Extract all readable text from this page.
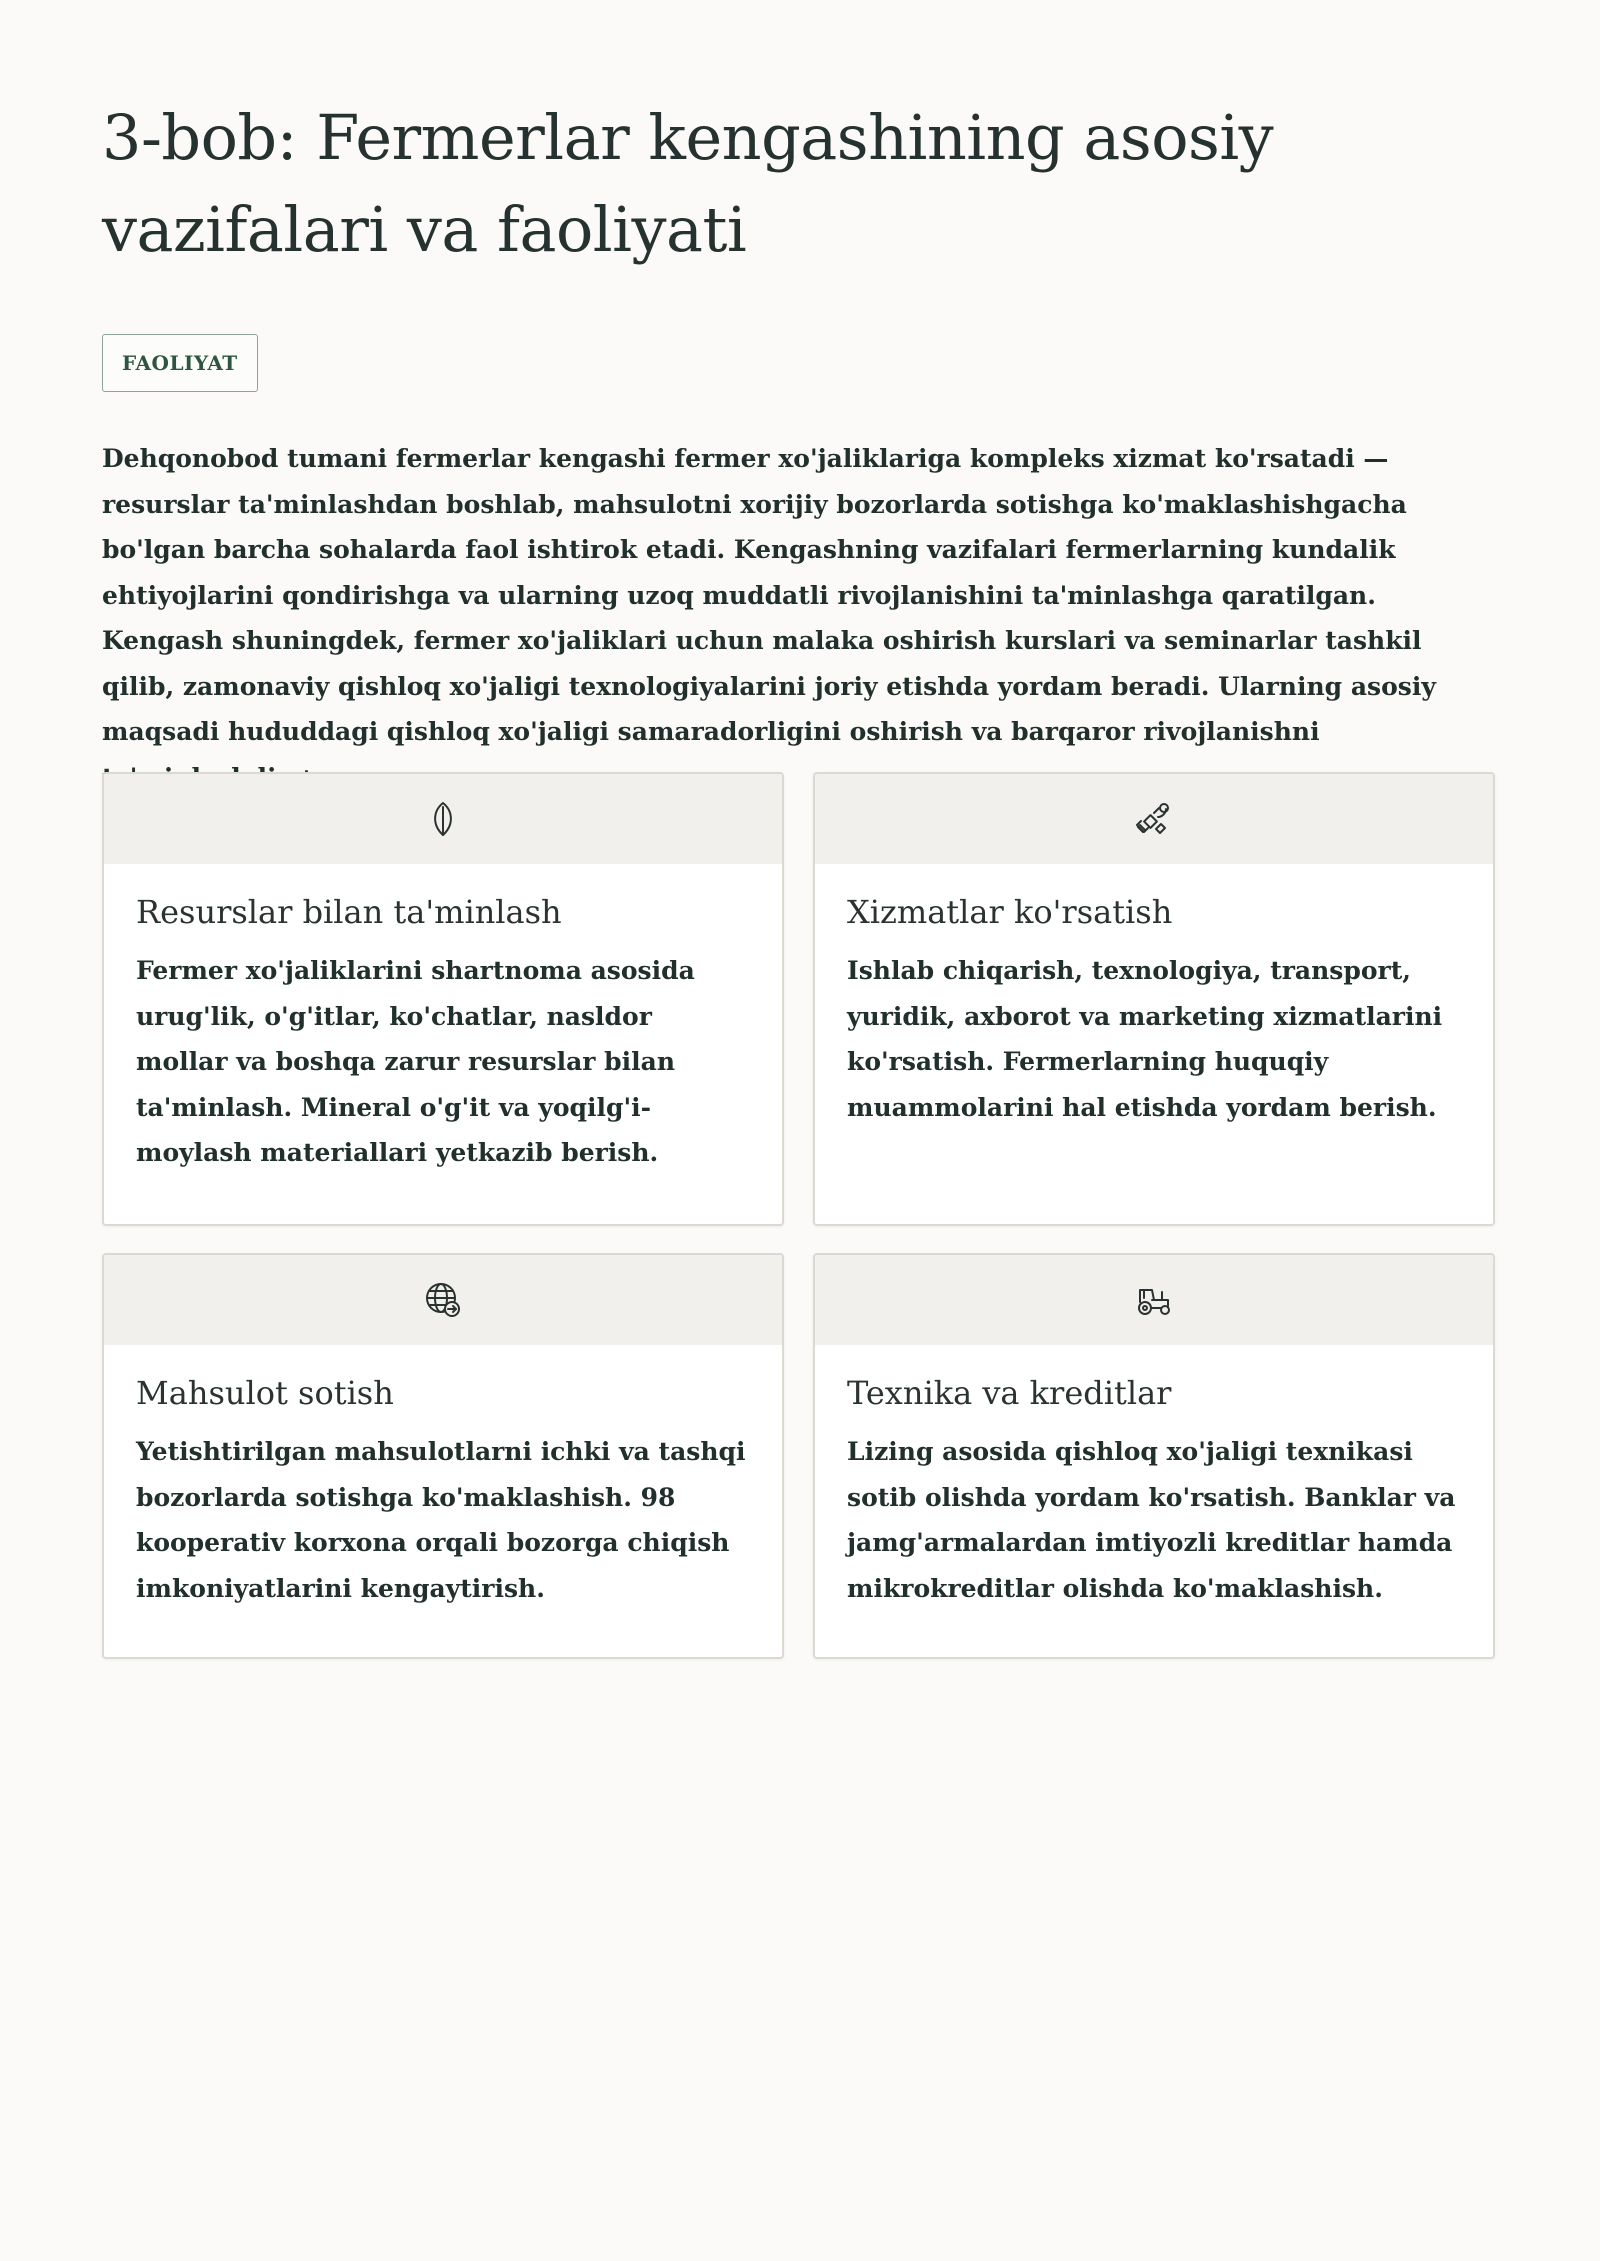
3-bob: Fermerlar kengashining asosiy vazifalari va faoliyati
FAOLIYAT

Dehqonobod tumani fermerlar kengashi fermer xo'jaliklariga kompleks xizmat ko'rsatadi — resurslar ta'minlashdan boshlab, mahsulotni xorijiy bozorlarda sotishga ko'maklashishgacha bo'lgan barcha sohalarda faol ishtirok etadi. Kengashning vazifalari fermerlarning kundalik ehtiyojlarini qondirishga va ularning uzoq muddatli rivojlanishini ta'minlashga qaratilgan. Kengash shuningdek, fermer xo'jaliklari uchun malaka oshirish kurslari va seminarlar tashkil qilib, zamonaviy qishloq xo'jaligi texnologiyalarini joriy etishda yordam beradi. Ularning asosiy maqsadi hududdagi qishloq xo'jaligi samaradorligini oshirish va barqaror rivojlanishni

Resurslar bilan ta'minlash

Fermer xo'jaliklarini shartnoma asosida urug'lik, o'g'itlar, ko'chatlar, nasldor mollar va boshqa zarur resurslar bilan ta'minlash. Mineral o'g'it va yoqilg'i-moylash materiallari yetkazib berish.

Xizmatlar ko'rsatish

Ishlab chiqarish, texnologiya, transport, yuridik, axborot va marketing xizmatlarini ko'rsatish. Fermerlarning huquqiy muammolarini hal etishda yordam berish.

Mahsulot sotish

Yetishtirilgan mahsulotlarni ichki va tashqi bozorlarda sotishga ko'maklashish. 98 kooperativ korxona orqali bozorga chiqish imkoniyatlarini kengaytirish.

Texnika va kreditlar

Lizing asosida qishloq xo'jaligi texnikasi sotib olishda yordam ko'rsatish. Banklar va jamg'armalardan imtiyozli kreditlar hamda mikrokreditlar olishda ko'maklashish.
